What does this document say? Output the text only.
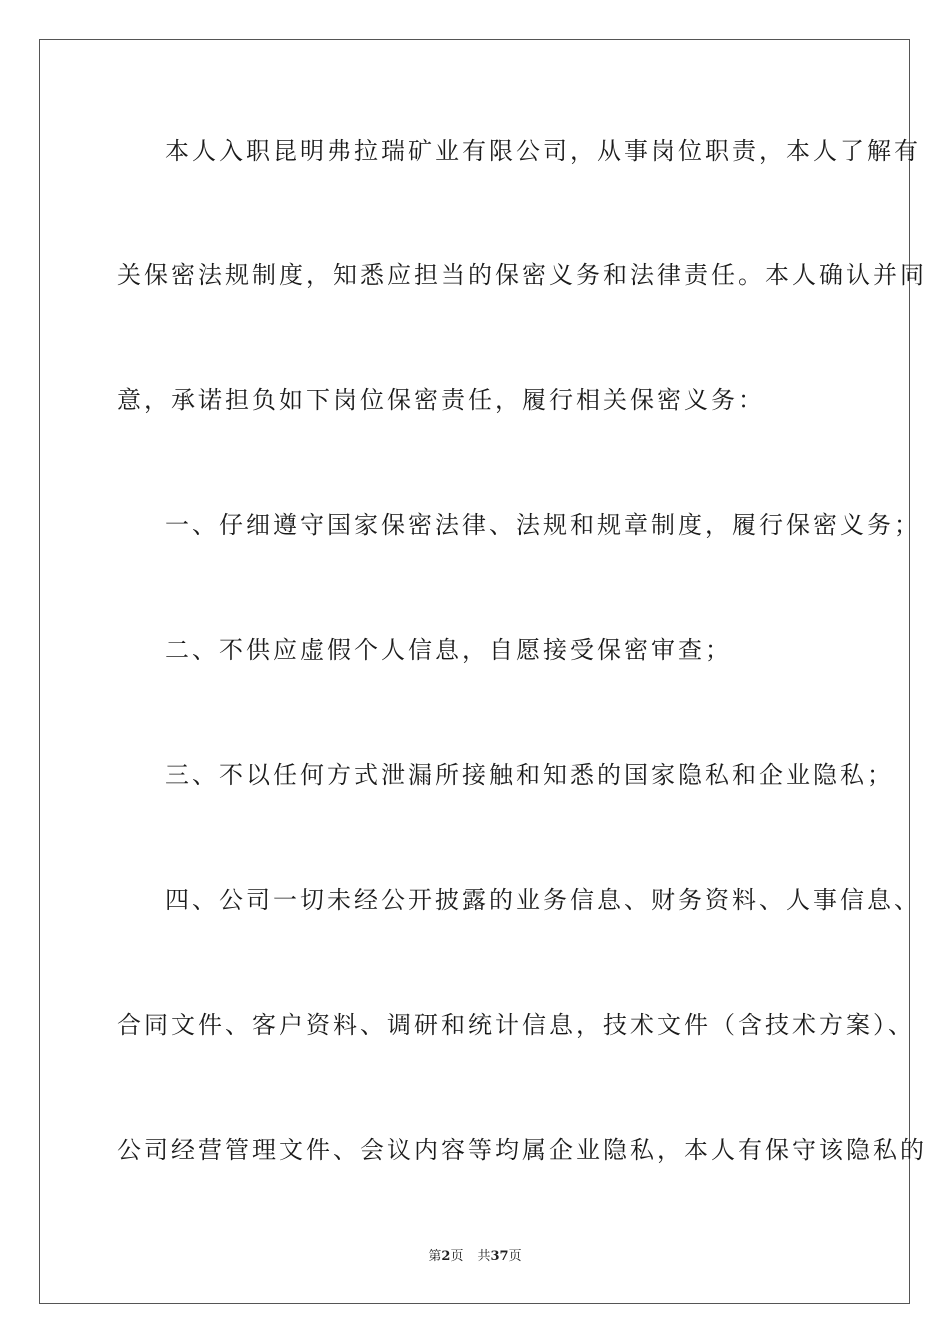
本人入职昆明弗拉瑞矿业有限公司，从事岗位职责，本人了解有
关保密法规制度，知悉应担当的保密义务和法律责任。本人确认并同
意，承诺担负如下岗位保密责任，履行相关保密义务：
一、仔细遵守国家保密法律、法规和规章制度，履行保密义务；
二、不供应虚假个人信息，自愿接受保密审查；
三、不以任何方式泄漏所接触和知悉的国家隐私和企业隐私；
四、公司一切未经公开披露的业务信息、财务资料、人事信息、
合同文件、客户资料、调研和统计信息，技术文件（含技术方案）、
公司经营管理文件、会议内容等均属企业隐私，本人有保守该隐私的
第2页 共37页
